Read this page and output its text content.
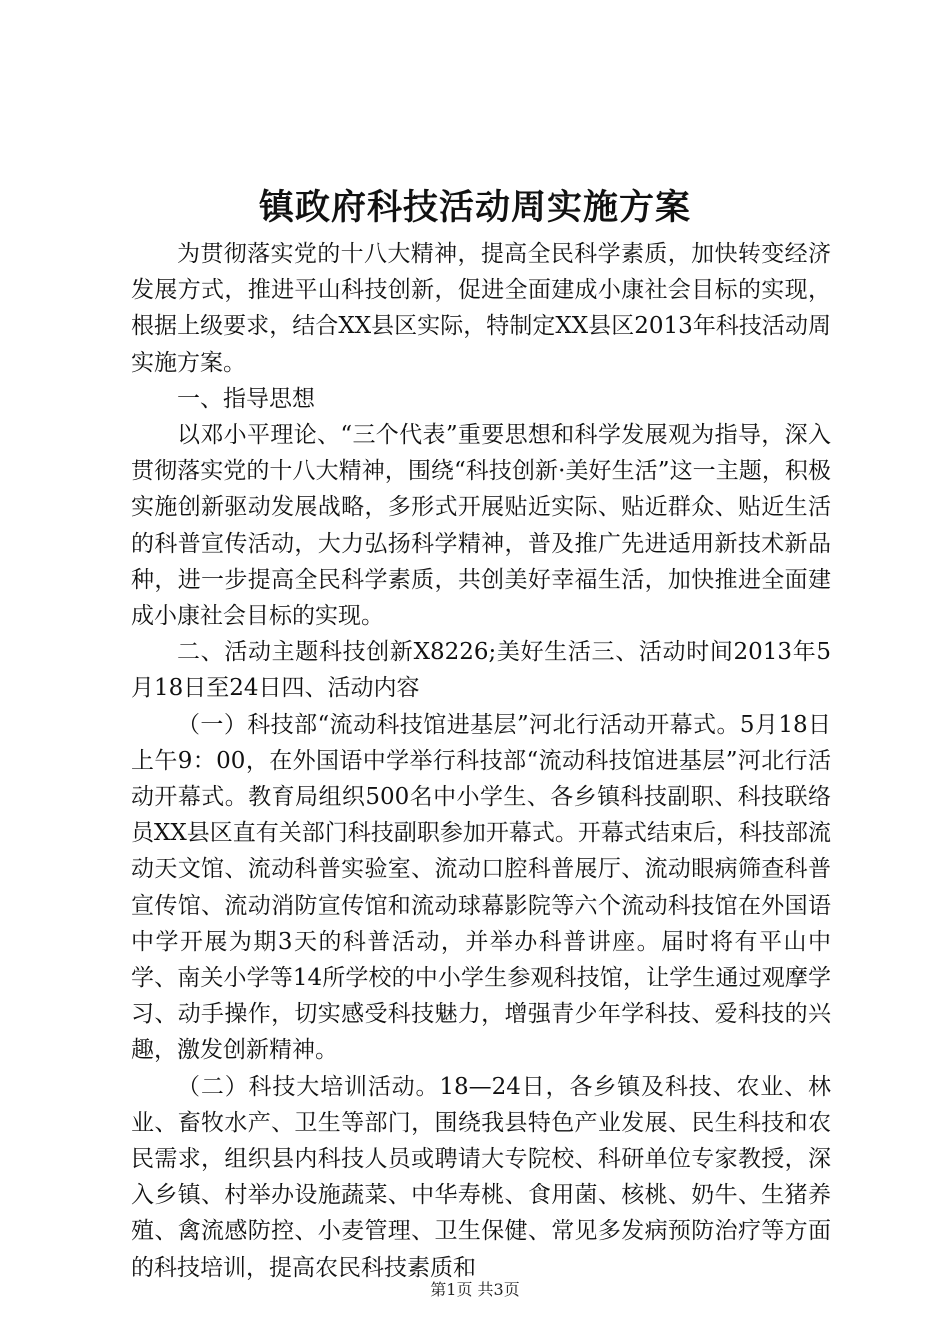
镇政府科技活动周实施方案

为贯彻落实党的十八大精神，提高全民科学素质，加快转变经济发展方式，推进平山科技创新，促进全面建成小康社会目标的实现，根据上级要求，结合XX县区实际，特制定XX县区2013年科技活动周实施方案。

一、指导思想

以邓小平理论、“三个代表”重要思想和科学发展观为指导，深入贯彻落实党的十八大精神，围绕“科技创新·美好生活”这一主题，积极实施创新驱动发展战略，多形式开展贴近实际、贴近群众、贴近生活的科普宣传活动，大力弘扬科学精神，普及推广先进适用新技术新品种，进一步提高全民科学素质，共创美好幸福生活，加快推进全面建成小康社会目标的实现。

二、活动主题科技创新X8226;美好生活三、活动时间2013年5月18日至24日四、活动内容

（一）科技部“流动科技馆进基层”河北行活动开幕式。5月18日上午9：00，在外国语中学举行科技部“流动科技馆进基层”河北行活动开幕式。教育局组织500名中小学生、各乡镇科技副职、科技联络员XX县区直有关部门科技副职参加开幕式。开幕式结束后，科技部流动天文馆、流动科普实验室、流动口腔科普展厅、流动眼病筛查科普宣传馆、流动消防宣传馆和流动球幕影院等六个流动科技馆在外国语中学开展为期3天的科普活动，并举办科普讲座。届时将有平山中学、南关小学等14所学校的中小学生参观科技馆，让学生通过观摩学习、动手操作，切实感受科技魅力，增强青少年学科技、爱科技的兴趣，激发创新精神。

（二）科技大培训活动。18—24日，各乡镇及科技、农业、林业、畜牧水产、卫生等部门，围绕我县特色产业发展、民生科技和农民需求，组织县内科技人员或聘请大专院校、科研单位专家教授，深入乡镇、村举办设施蔬菜、中华寿桃、食用菌、核桃、奶牛、生猪养殖、禽流感防控、小麦管理、卫生保健、常见多发病预防治疗等方面的科技培训，提高农民科技素质和

第1页 共3页
